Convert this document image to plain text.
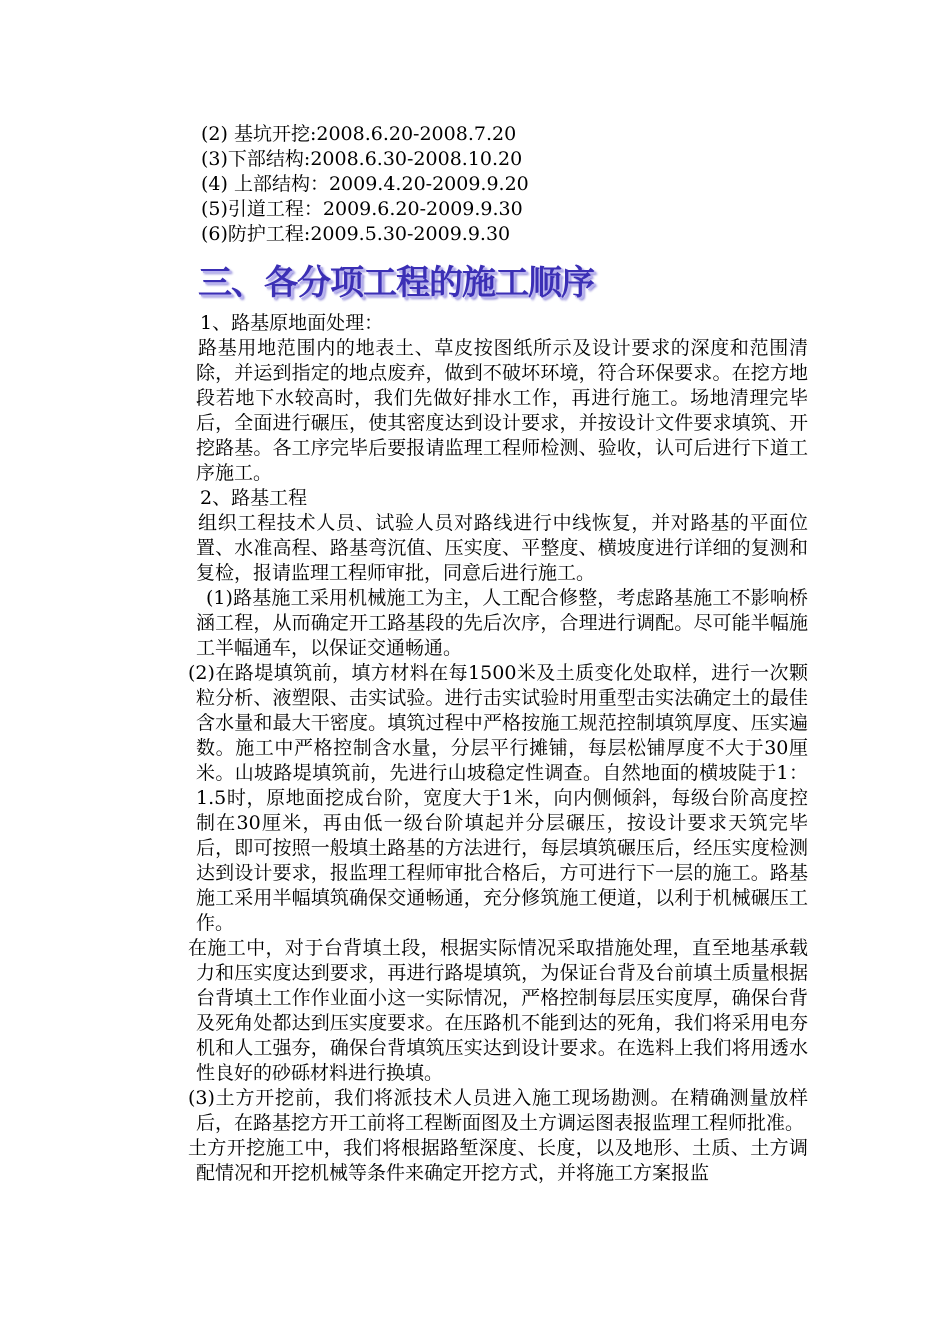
(2) 基坑开挖:2008.6.20-2008.7.20
(3)下部结构:2008.6.30-2008.10.20
(4) 上部结构：2009.4.20-2009.9.20
(5)引道工程：2009.6.20-2009.9.30
(6)防护工程:2009.5.30-2009.9.30
三、各分项工程的施工顺序

1、路基原地面处理：

路基用地范围内的地表土、草皮按图纸所示及设计要求的深度和范围清除，并运到指定的地点废弃，做到不破坏环境，符合环保要求。在挖方地段若地下水较高时，我们先做好排水工作，再进行施工。场地清理完毕后，全面进行碾压，使其密度达到设计要求，并按设计文件要求填筑、开挖路基。各工序完毕后要报请监理工程师检测、验收，认可后进行下道工序施工。

2、路基工程

组织工程技术人员、试验人员对路线进行中线恢复，并对路基的平面位置、水准高程、路基弯沉值、压实度、平整度、横坡度进行详细的复测和复检，报请监理工程师审批，同意后进行施工。

(1)路基施工采用机械施工为主，人工配合修整，考虑路基施工不影响桥涵工程，从而确定开工路基段的先后次序，合理进行调配。尽可能半幅施工半幅通车，以保证交通畅通。

(2)在路堤填筑前，填方材料在每1500米及土质变化处取样，进行一次颗粒分析、液塑限、击实试验。进行击实试验时用重型击实法确定土的最佳含水量和最大干密度。填筑过程中严格按施工规范控制填筑厚度、压实遍数。施工中严格控制含水量，分层平行摊铺，每层松铺厚度不大于30厘米。山坡路堤填筑前，先进行山坡稳定性调查。自然地面的横坡陡于1：1.5时，原地面挖成台阶，宽度大于1米，向内侧倾斜，每级台阶高度控制在30厘米，再由低一级台阶填起并分层碾压，按设计要求天筑完毕后，即可按照一般填土路基的方法进行，每层填筑碾压后，经压实度检测达到设计要求，报监理工程师审批合格后，方可进行下一层的施工。路基施工采用半幅填筑确保交通畅通，充分修筑施工便道，以利于机械碾压工作。

在施工中，对于台背填土段，根据实际情况采取措施处理，直至地基承载力和压实度达到要求，再进行路堤填筑，为保证台背及台前填土质量根据台背填土工作作业面小这一实际情况，严格控制每层压实度厚，确保台背及死角处都达到压实度要求。在压路机不能到达的死角，我们将采用电夯机和人工强夯，确保台背填筑压实达到设计要求。在选料上我们将用透水性良好的砂砾材料进行换填。

(3)土方开挖前，我们将派技术人员进入施工现场勘测。在精确测量放样后，在路基挖方开工前将工程断面图及土方调运图表报监理工程师批准。

土方开挖施工中，我们将根据路堑深度、长度，以及地形、土质、土方调配情况和开挖机械等条件来确定开挖方式，并将施工方案报监
